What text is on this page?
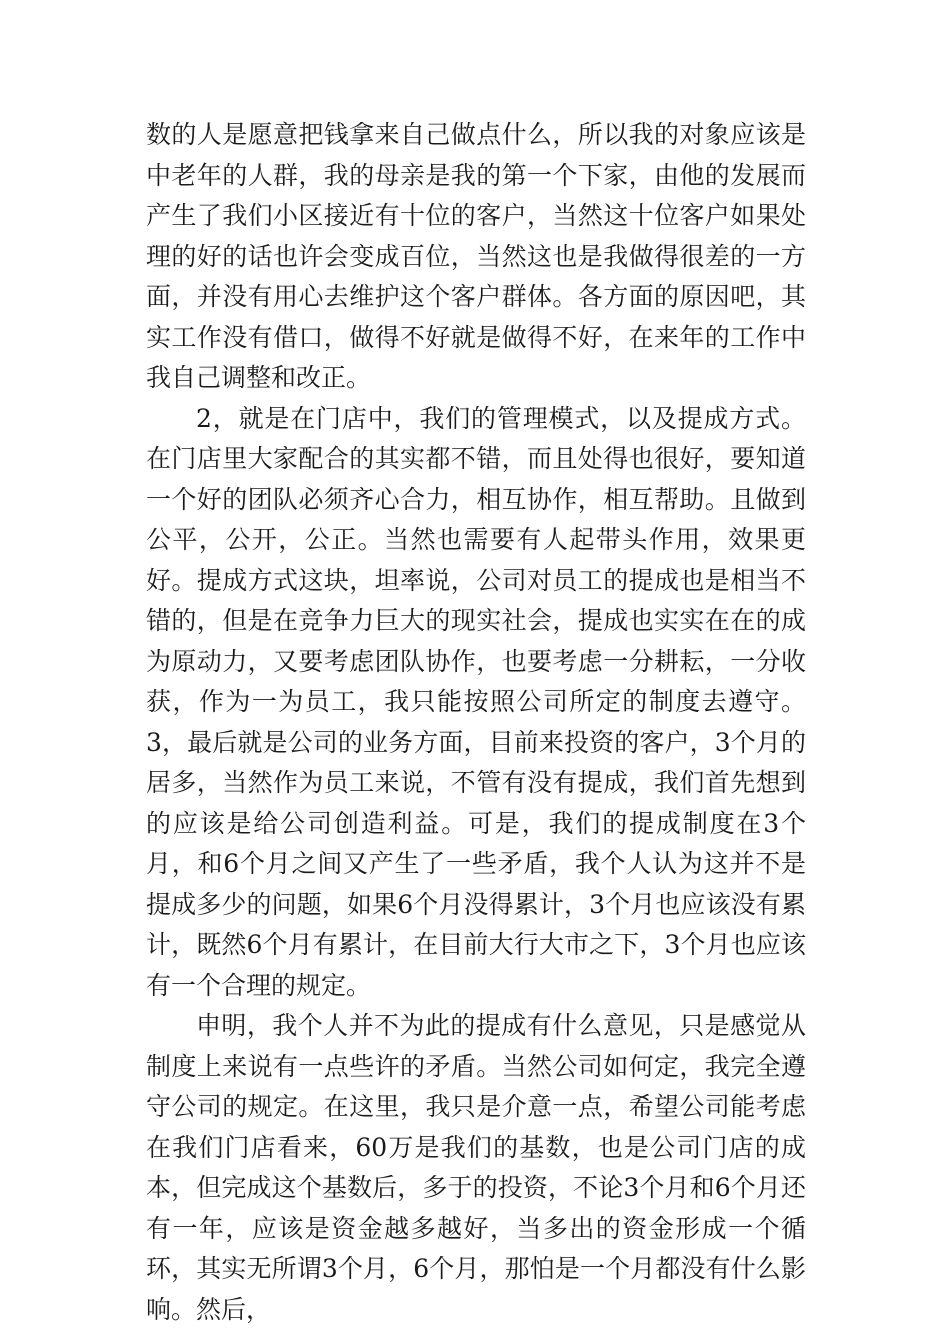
数的人是愿意把钱拿来自己做点什么，所以我的对象应该是中老年的人群，我的母亲是我的第一个下家，由他的发展而产生了我们小区接近有十位的客户，当然这十位客户如果处理的好的话也许会变成百位，当然这也是我做得很差的一方面，并没有用心去维护这个客户群体。各方面的原因吧，其实工作没有借口，做得不好就是做得不好，在来年的工作中我自己调整和改正。

2，就是在门店中，我们的管理模式，以及提成方式。在门店里大家配合的其实都不错，而且处得也很好，要知道一个好的团队必须齐心合力，相互协作，相互帮助。且做到公平，公开，公正。当然也需要有人起带头作用，效果更好。提成方式这块，坦率说，公司对员工的提成也是相当不错的，但是在竞争力巨大的现实社会，提成也实实在在的成为原动力，又要考虑团队协作，也要考虑一分耕耘，一分收获，作为一为员工，我只能按照公司所定的制度去遵守。 3，最后就是公司的业务方面，目前来投资的客户，3个月的居多，当然作为员工来说，不管有没有提成，我们首先想到的应该是给公司创造利益。可是，我们的提成制度在3个月，和6个月之间又产生了一些矛盾，我个人认为这并不是提成多少的问题，如果6个月没得累计，3个月也应该没有累计，既然6个月有累计，在目前大行大市之下，3个月也应该有一个合理的规定。

申明，我个人并不为此的提成有什么意见，只是感觉从制度上来说有一点些许的矛盾。当然公司如何定，我完全遵守公司的规定。在这里，我只是介意一点，希望公司能考虑在我们门店看来，60万是我们的基数，也是公司门店的成本，但完成这个基数后，多于的投资，不论3个月和6个月还有一年，应该是资金越多越好，当多出的资金形成一个循环，其实无所谓3个月，6个月，那怕是一个月都没有什么影响。然后，
